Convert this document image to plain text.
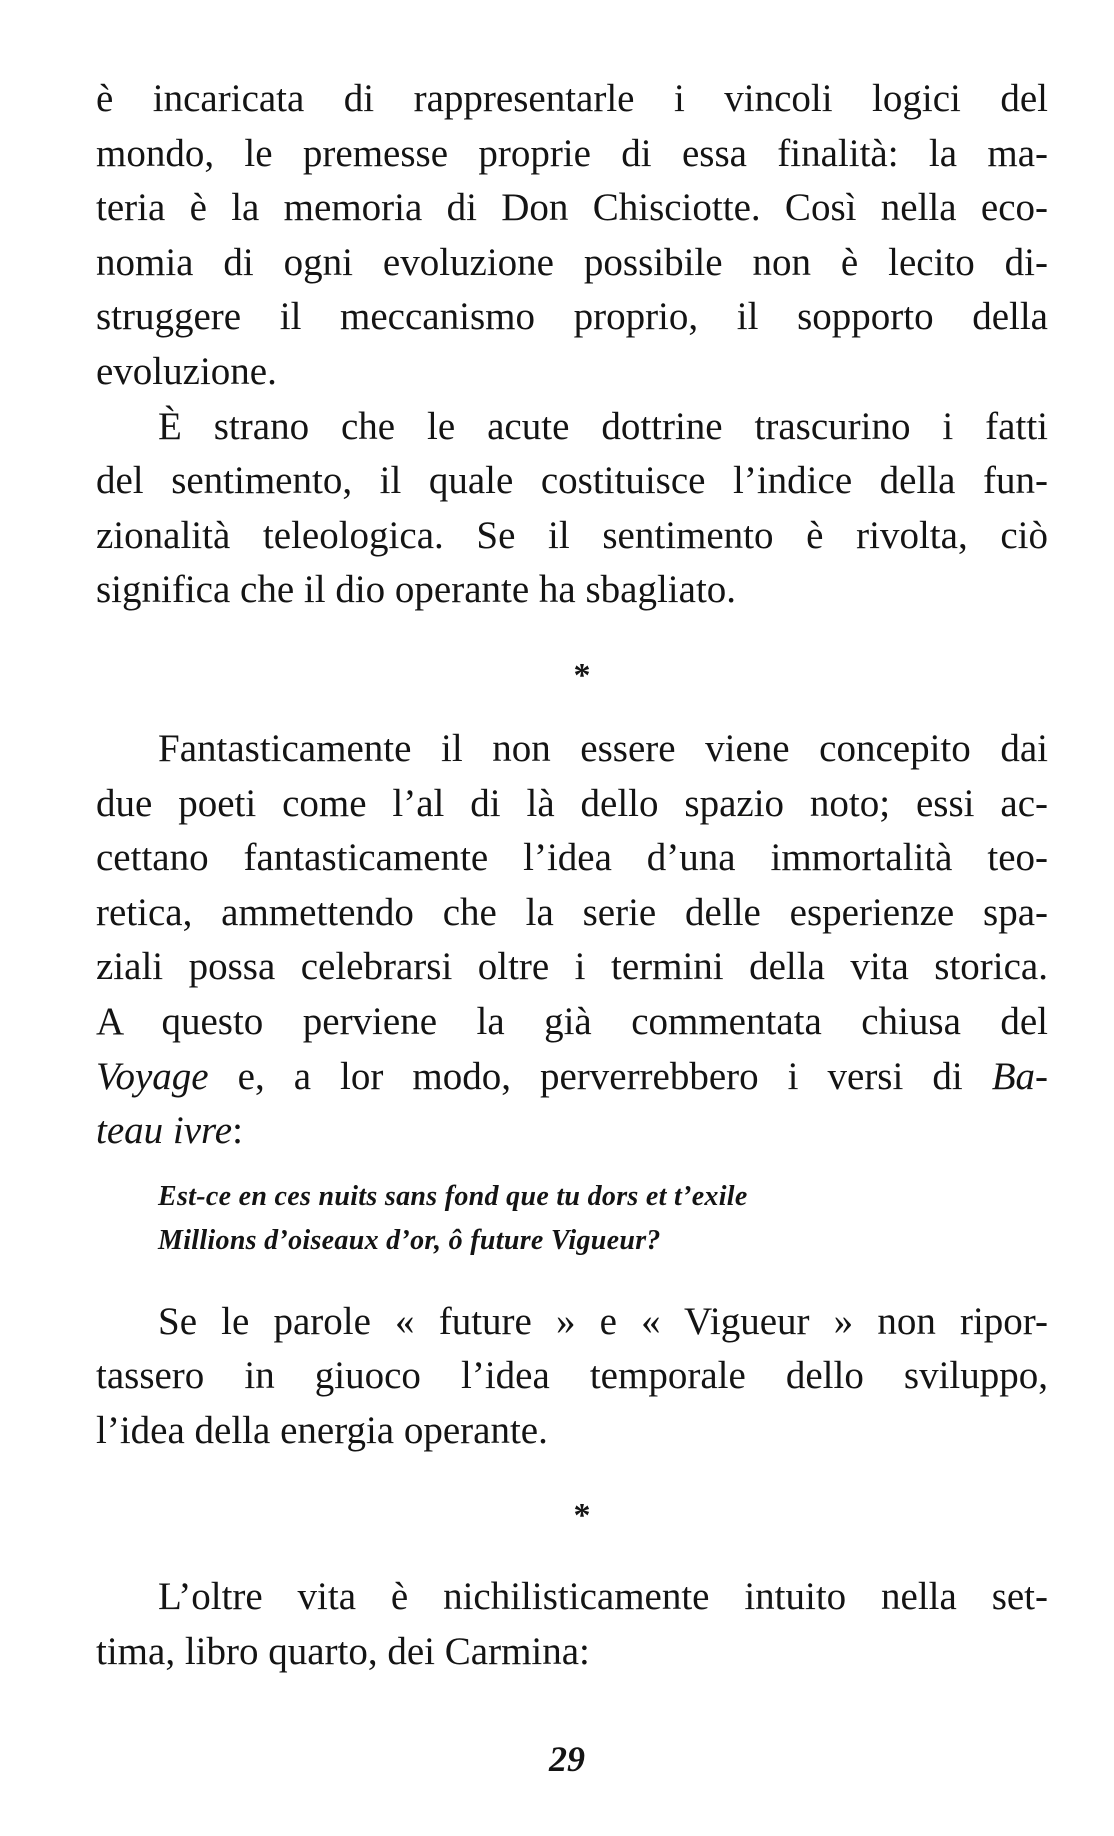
è incaricata di rappresentarle i vincoli logici del
mondo, le premesse proprie di essa finalità: la ma-
teria è la memoria di Don Chisciotte. Così nella eco-
nomia di ogni evoluzione possibile non è lecito di-
struggere il meccanismo proprio, il sopporto della
evoluzione.
È strano che le acute dottrine trascurino i fatti
del sentimento, il quale costituisce l’indice della fun-
zionalità teleologica. Se il sentimento è rivolta, ciò
significa che il dio operante ha sbagliato.
*
Fantasticamente il non essere viene concepito dai
due poeti come l’al di là dello spazio noto; essi ac-
cettano fantasticamente l’idea d’una immortalità teo-
retica, ammettendo che la serie delle esperienze spa-
ziali possa celebrarsi oltre i termini della vita storica.
A questo perviene la già commentata chiusa del
Voyage e, a lor modo, perverrebbero i versi di Ba-
teau ivre:
Est-ce en ces nuits sans fond que tu dors et t’exile
Millions d’oiseaux d’or, ô future Vigueur?
Se le parole « future » e « Vigueur » non ripor-
tassero in giuoco l’idea temporale dello sviluppo,
l’idea della energia operante.
*
L’oltre vita è nichilisticamente intuito nella set-
tima, libro quarto, dei Carmina:
29
